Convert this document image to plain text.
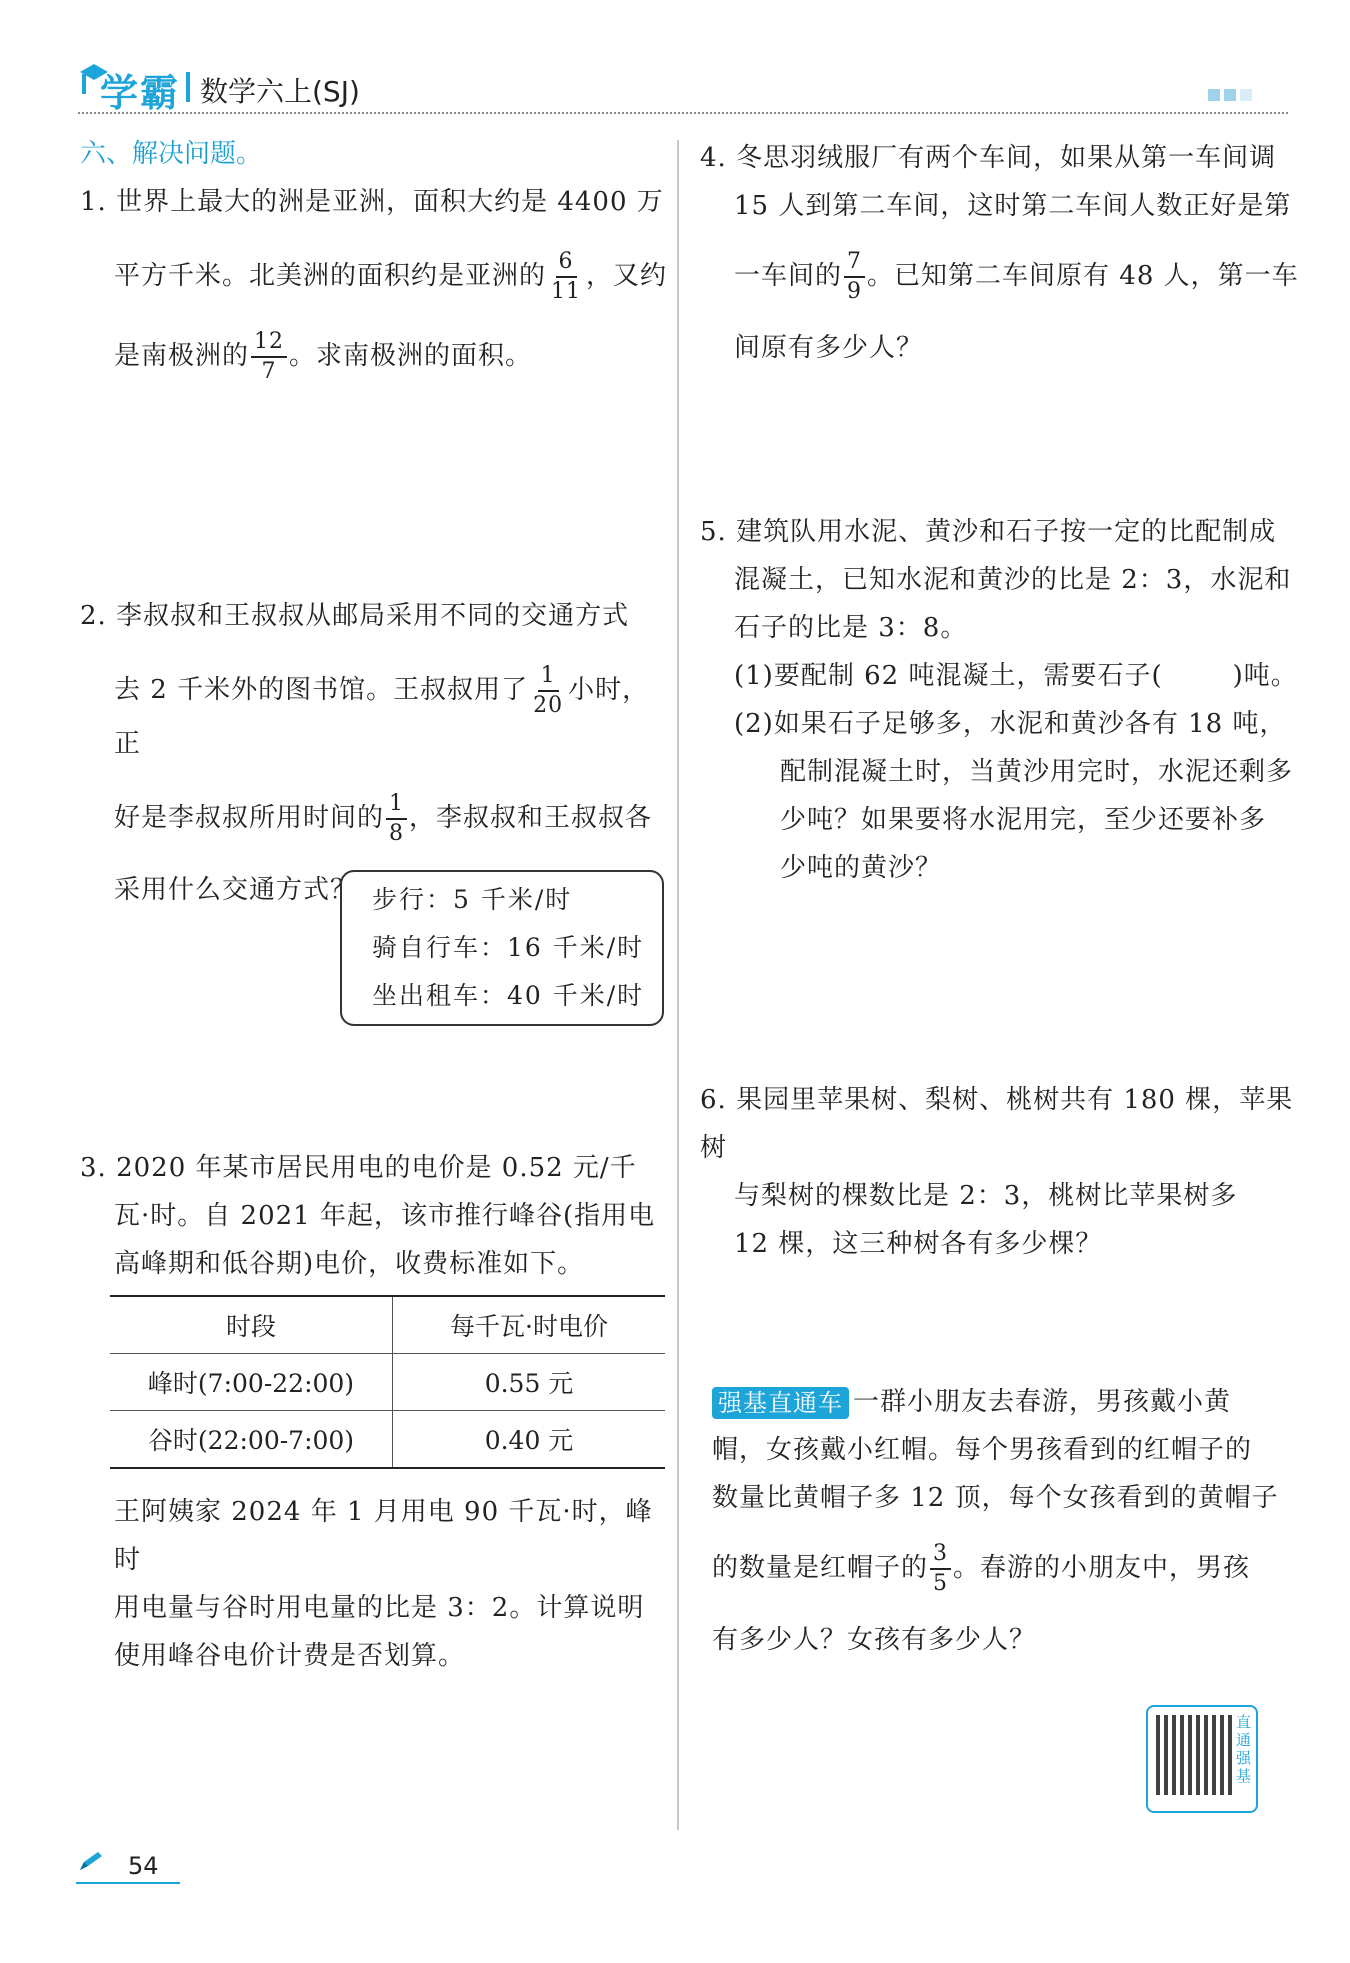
学霸 数学六上(SJ)
六、解决问题。
1. 世界上最大的洲是亚洲，面积大约是 4400 万
平方千米。北美洲的面积约是亚洲的 $\frac{6}{11}$ ，又约
是南极洲的 $\frac{12}{7}$ 。求南极洲的面积。
2. 李叔叔和王叔叔从邮局采用不同的交通方式
去 2 千米外的图书馆。王叔叔用了 $\frac{1}{20}$ 小时，正
好是李叔叔所用时间的 $\frac{1}{8}$ ，李叔叔和王叔叔各
采用什么交通方式？ 步行：5 千米/时
骑自行车：16 千米/时
坐出租车：40 千米/时
3. 2020 年某市居民用电的电价是 0.52 元/千
瓦·时。自 2021 年起，该市推行峰谷(指用电
高峰期和低谷期)电价，收费标准如下。
时段	每千瓦·时电价
峰时(7:00-22:00)	0.55 元
谷时(22:00-7:00)	0.40 元
王阿姨家 2024 年 1 月用电 90 千瓦·时，峰时
用电量与谷时用电量的比是 3：2。计算说明
使用峰谷电价计费是否划算。
4. 冬思羽绒服厂有两个车间，如果从第一车间调
15 人到第二车间，这时第二车间人数正好是第
一车间的 $\frac{7}{9}$ 。已知第二车间原有 48 人，第一车
间原有多少人？
5. 建筑队用水泥、黄沙和石子按一定的比配制成
混凝土，已知水泥和黄沙的比是 2：3，水泥和
石子的比是 3：8。
(1)要配制 62 吨混凝土，需要石子(	)吨。
(2)如果石子足够多，水泥和黄沙各有 18 吨，
配制混凝土时，当黄沙用完时，水泥还剩多
少吨？如果要将水泥用完，至少还要补多
少吨的黄沙？
6. 果园里苹果树、梨树、桃树共有 180 棵，苹果树
与梨树的棵数比是 2：3，桃树比苹果树多
12 棵，这三种树各有多少棵？
强基直通车 一群小朋友去春游，男孩戴小黄
帽，女孩戴小红帽。每个男孩看到的红帽子的
数量比黄帽子多 12 顶，每个女孩看到的黄帽子
的数量是红帽子的 $\frac{3}{5}$ 。春游的小朋友中，男孩
有多少人？女孩有多少人？
直通强基
54
